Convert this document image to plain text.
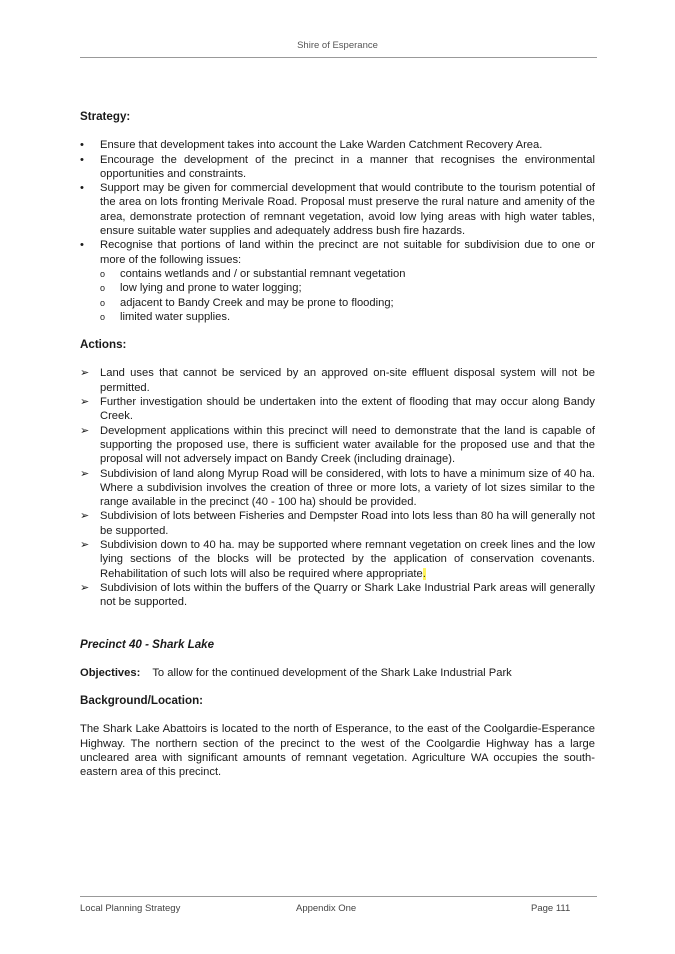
Shire of Esperance

Strategy:

•	Ensure that development takes into account the Lake Warden Catchment Recovery Area.
•	Encourage the development of the precinct in a manner that recognises the environmental opportunities and constraints.
•	Support may be given for commercial development that would contribute to the tourism potential of the area on lots fronting Merivale Road. Proposal must preserve the rural nature and amenity of the area, demonstrate protection of remnant vegetation, avoid low lying areas with high water tables, ensure suitable water supplies and adequately address bush fire hazards.
•	Recognise that portions of land within the precinct are not suitable for subdivision due to one or more of the following issues:
o	contains wetlands and / or substantial remnant vegetation
o	low lying and prone to water logging;
o	adjacent to Bandy Creek and may be prone to flooding;
o	limited water supplies.

Actions:

➢ Land uses that cannot be serviced by an approved on-site effluent disposal system will not be permitted.
➢ Further investigation should be undertaken into the extent of flooding that may occur along Bandy Creek.
➢ Development applications within this precinct will need to demonstrate that the land is capable of supporting the proposed use, there is sufficient water available for the proposed use and that the proposal will not adversely impact on Bandy Creek (including drainage).
➢ Subdivision of land along Myrup Road will be considered, with lots to have a minimum size of 40 ha. Where a subdivision involves the creation of three or more lots, a variety of lot sizes similar to the range available in the precinct (40 - 100 ha) should be provided.
➢ Subdivision of lots between Fisheries and Dempster Road into lots less than 80 ha will generally not be supported.
➢ Subdivision down to 40 ha. may be supported where remnant vegetation on creek lines and the low lying sections of the blocks will be protected by the application of conservation covenants. Rehabilitation of such lots will also be required where appropriate.
➢ Subdivision of lots within the buffers of the Quarry or Shark Lake Industrial Park areas will generally not be supported.

Precinct 40 - Shark Lake

Objectives: To allow for the continued development of the Shark Lake Industrial Park

Background/Location:

The Shark Lake Abattoirs is located to the north of Esperance, to the east of the Coolgardie-Esperance Highway. The northern section of the precinct to the west of the Coolgardie Highway has a large uncleared area with significant amounts of remnant vegetation. Agriculture WA occupies the south-eastern area of this precinct.

Local Planning Strategy	Appendix One	Page 111
